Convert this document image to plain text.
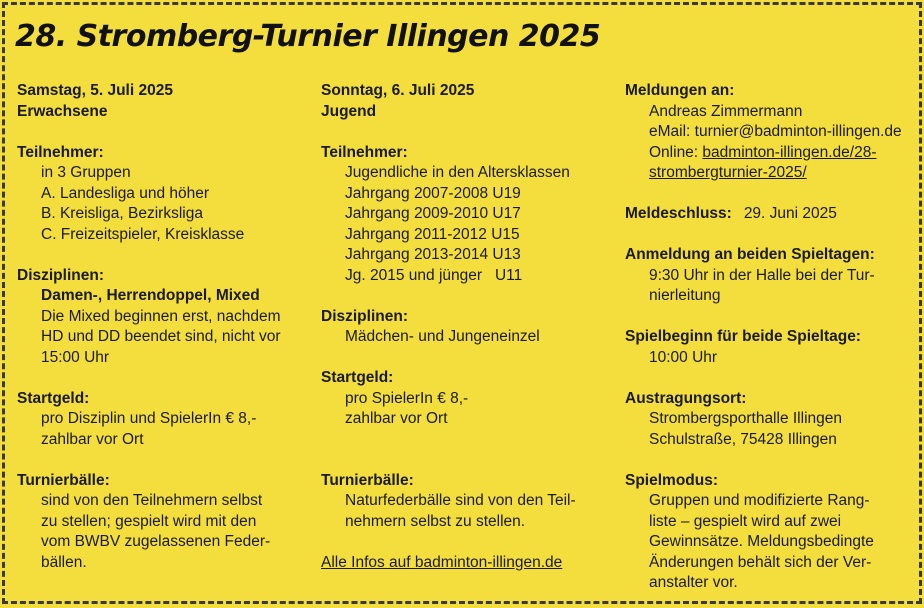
28. Stromberg-Turnier Illingen 2025
Samstag, 5. Juli 2025
Erwachsene
Teilnehmer:
in 3 Gruppen
A. Landesliga und höher
B. Kreisliga, Bezirksliga
C. Freizeitspieler, Kreisklasse
Disziplinen:
Damen-, Herrendoppel, Mixed
Die Mixed beginnen erst, nachdem
HD und DD beendet sind, nicht vor
15:00 Uhr
Startgeld:
pro Disziplin und SpielerIn € 8,-
zahlbar vor Ort
Turnierbälle:
sind von den Teilnehmern selbst
zu stellen; gespielt wird mit den
vom BWBV zugelassenen Feder-
bällen.
Sonntag, 6. Juli 2025
Jugend
Teilnehmer:
Jugendliche in den Altersklassen
Jahrgang 2007-2008 U19
Jahrgang 2009-2010 U17
Jahrgang 2011-2012 U15
Jahrgang 2013-2014 U13
Jg. 2015 und jünger   U11
Disziplinen:
Mädchen- und Jungeneinzel
Startgeld:
pro SpielerIn € 8,-
zahlbar vor Ort
Turnierbälle:
Naturfederbälle sind von den Teil-
nehmern selbst zu stellen.
Alle Infos auf badminton-illingen.de
Meldungen an:
Andreas Zimmermann
eMail: turnier@badminton-illingen.de
Online: badminton-illingen.de/28-
strombergturnier-2025/
Meldeschluss: 29. Juni 2025
Anmeldung an beiden Spieltagen:
9:30 Uhr in der Halle bei der Tur-
nierleitung
Spielbeginn für beide Spieltage:
10:00 Uhr
Austragungsort:
Strombergsporthalle Illingen
Schulstraße, 75428 Illingen
Spielmodus:
Gruppen und modifizierte Rang-
liste – gespielt wird auf zwei
Gewinnsätze. Meldungsbedingte
Änderungen behält sich der Ver-
anstalter vor.
